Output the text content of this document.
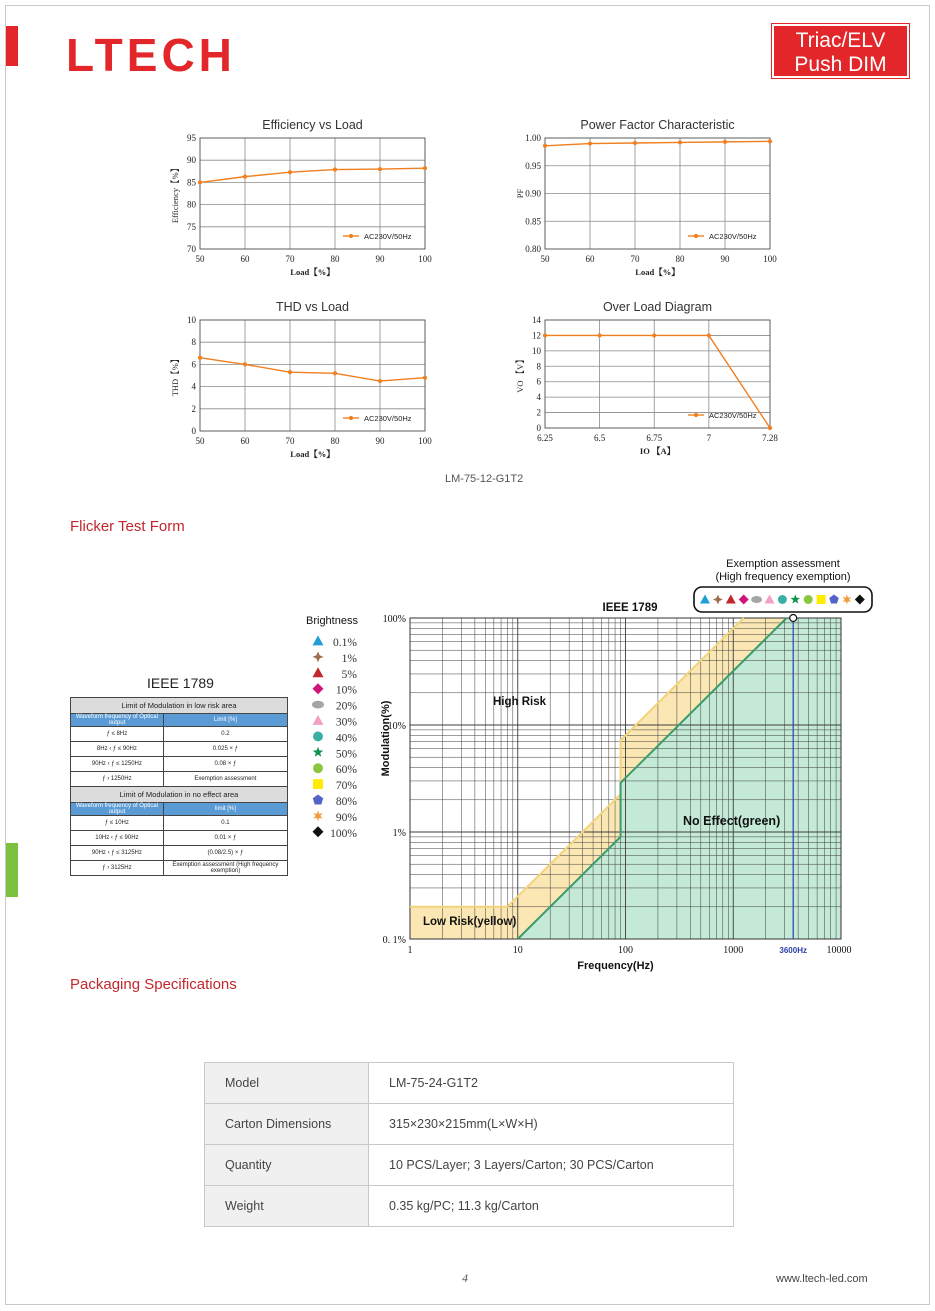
LTECH	Triac/ELV
Push DIM
Efficiency vs Load
70
75
80
85
90
95
50	60	70	80	90	100
Load【%】
Efficiency【%】
AC230V/50Hz
Power Factor Characteristic
0.80
0.85
0.90
0.95
1.00
50	60	70	80	90	100
Load【%】
PF
AC230V/50Hz
THD vs Load
0
2
4
6
8
10
50	60	70	80	90	100
Load【%】
THD【%】
AC230V/50Hz
Over Load Diagram
0
2
4
6
8
10
12
14
6.25	6.5	6.75	7	7.28
IO 【A】
VO 【V】
AC230V/50Hz
LM-75-12-G1T2
Flicker Test Form
IEEE 1789
Limit of Modulation in low risk area	
Waveform frequency of Optical output	Limit [%]
ƒ ≤ 8Hz	0.2
8Hz ‹ ƒ ≤ 90Hz	0.025 × ƒ
90Hz ‹ ƒ ≤ 1250Hz	0.08 × ƒ
ƒ › 1250Hz	Exemption assessment
Limit of Modulation in no effect area	
Waveform frequency of Optical output	limit [%]
ƒ ≤ 10Hz	0.1
10Hz ‹ ƒ ≤ 90Hz	0.01 × ƒ
90Hz ‹ ƒ ≤ 3125Hz	(0.08/2.5) × ƒ
ƒ › 3125Hz	Exemption assessment (High frequency exemption)
3600Hz
1	10	100	1000	10000
0. 1%
1%
10%
100%
Frequency(Hz)
Modulation(%)
IEEE 1789
High Risk
Low Risk(yellow)
No Effect(green)
Brightness
0.1%
1%
5%
10%
20%
30%
40%
50%
60%
70%
80%
90%
100%
Exemption assessment
(High frequency exemption)
Packaging Specifications
Model	LM-75-24-G1T2
Carton Dimensions	315×230×215mm(L×W×H)
Quantity	10 PCS/Layer; 3 Layers/Carton; 30 PCS/Carton
Weight	0.35 kg/PC; 11.3 kg/Carton
4	www.ltech-led.com
